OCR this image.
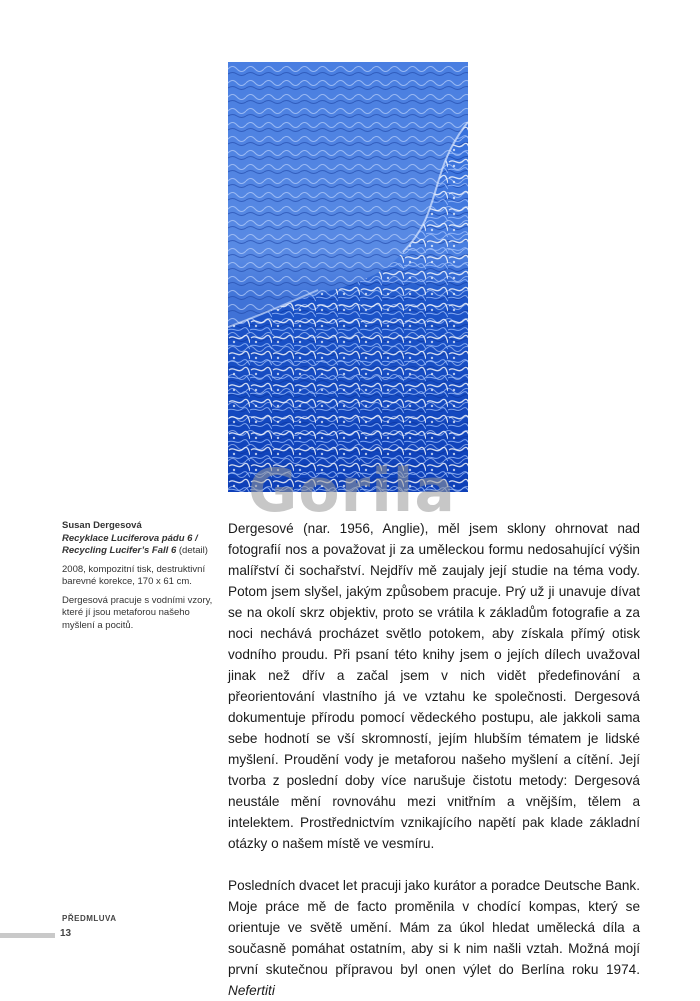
Gorila

Susan Dergesová
Recyklace Luciferova pádu 6 /
Recycling Lucifer’s Fall 6 (detail)

2008, kompozitní tisk, destruktivní barevné korekce, 170 x 61 cm.

Dergesová pracuje s vodními vzory, které jí jsou metaforou našeho myšlení a pocitů.

Dergesové (nar. 1956, Anglie), měl jsem sklony ohrnovat nad fotografií nos a považovat ji za uměleckou formu nedosahující výšin malířství či sochařství. Nejdřív mě zaujaly její studie na téma vody. Potom jsem slyšel, jakým způsobem pracuje. Prý už ji unavuje dívat se na okolí skrz objektiv, proto se vrátila k základům fotografie a za noci nechává procházet světlo potokem, aby získala přímý otisk vodního proudu. Při psaní této knihy jsem o jejích dílech uvažoval jinak než dřív a začal jsem v nich vidět předefinování a přeorientování vlastního já ve vztahu ke společnosti. Dergesová dokumentuje přírodu pomocí vědeckého postupu, ale jakkoli sama sebe hodnotí se vší skromností, jejím hlubším tématem je lidské myšlení. Proudění vody je metaforou našeho myšlení a cítění. Její tvorba z poslední doby více narušuje čistotu metody: Dergesová neustále mění rovnováhu mezi vnitřním a vnějším, tělem a intelektem. Prostřednictvím vznikajícího napětí pak klade základní otázky o našem místě ve vesmíru.

Posledních dvacet let pracuji jako kurátor a poradce Deutsche Bank. Moje práce mě de facto proměnila v chodící kompas, který se orientuje ve světě umění. Mám za úkol hledat umělecká díla a současně pomáhat ostatním, aby si k nim našli vztah. Možná mojí první skutečnou přípravou byl onen výlet do Berlína roku 1974. Nefertiti

PŘEDMLUVA
13
